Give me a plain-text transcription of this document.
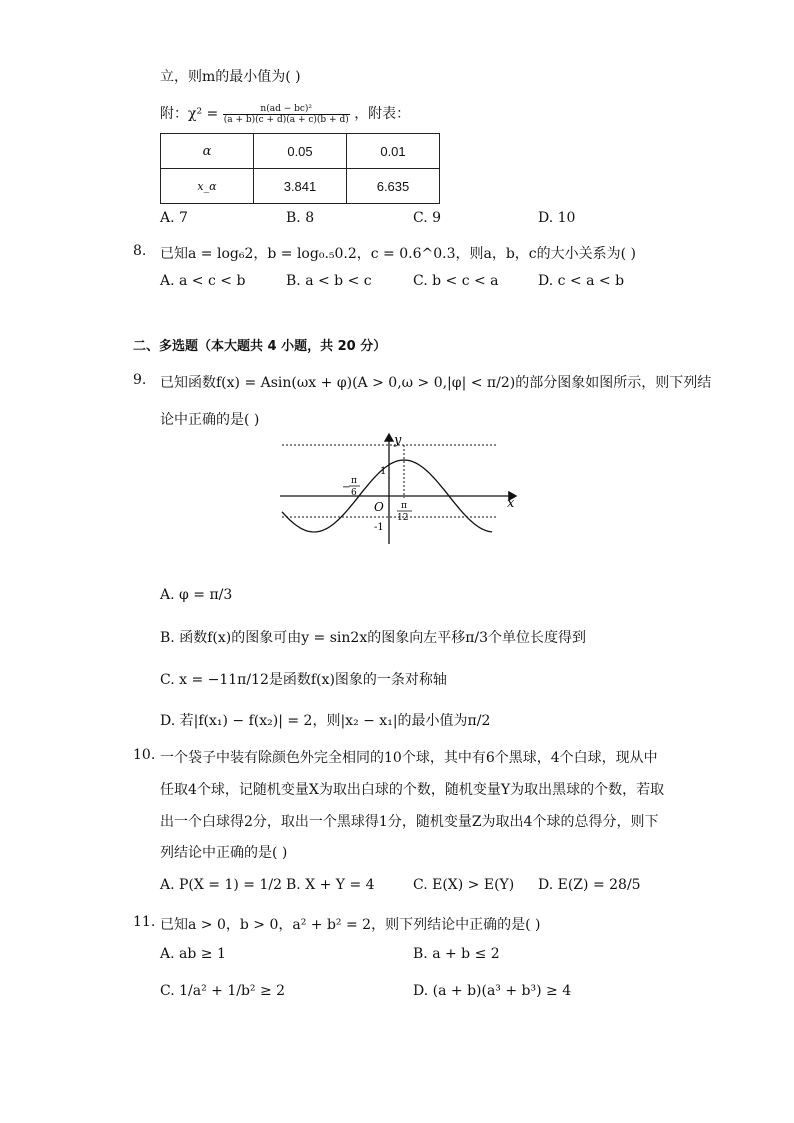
立，则m的最小值为( )
附：$\chi^2 = \frac{\text{n(ad − bc)²}}{(a + b)(c + d)(a + c)(b + d)}$ ，附表：
α	0.05	0.01
x_α	3.841	6.635
A. 7	B. 8	C. 9	D. 10
8. 已知a = log₆2，b = log₀.₅0.2，c = 0.6^0.3，则a，b，c的大小关系为( )
A. a < c < b	B. a < b < c	C. b < c < a	D. c < a < b
二、多选题（本大题共 4 小题，共 20 分）
9. 已知函数f(x) = Asin(ωx + φ)(A > 0,ω > 0,|φ| < π/2)的部分图象如图所示，则下列结
论中正确的是( )
y
x
O
1
-1
−
π
6
π
12
A. φ = π/3
B. 函数f(x)的图象可由y = sin2x的图象向左平移π/3个单位长度得到
C. x = −11π/12是函数f(x)图象的一条对称轴
D. 若|f(x₁) − f(x₂)| = 2，则|x₂ − x₁|的最小值为π/2
10. 一个袋子中装有除颜色外完全相同的10个球，其中有6个黑球，4个白球，现从中
任取4个球，记随机变量X为取出白球的个数，随机变量Y为取出黑球的个数，若取
出一个白球得2分，取出一个黑球得1分，随机变量Z为取出4个球的总得分，则下
列结论中正确的是( )
A. P(X = 1) = 1/2 B. X + Y = 4	C. E(X) > E(Y) D. E(Z) = 28/5
11. 已知a > 0，b > 0，a² + b² = 2，则下列结论中正确的是( )
A. ab ≥ 1	B. a + b ≤ 2
C. 1/a² + 1/b² ≥ 2	D. (a + b)(a³ + b³) ≥ 4
